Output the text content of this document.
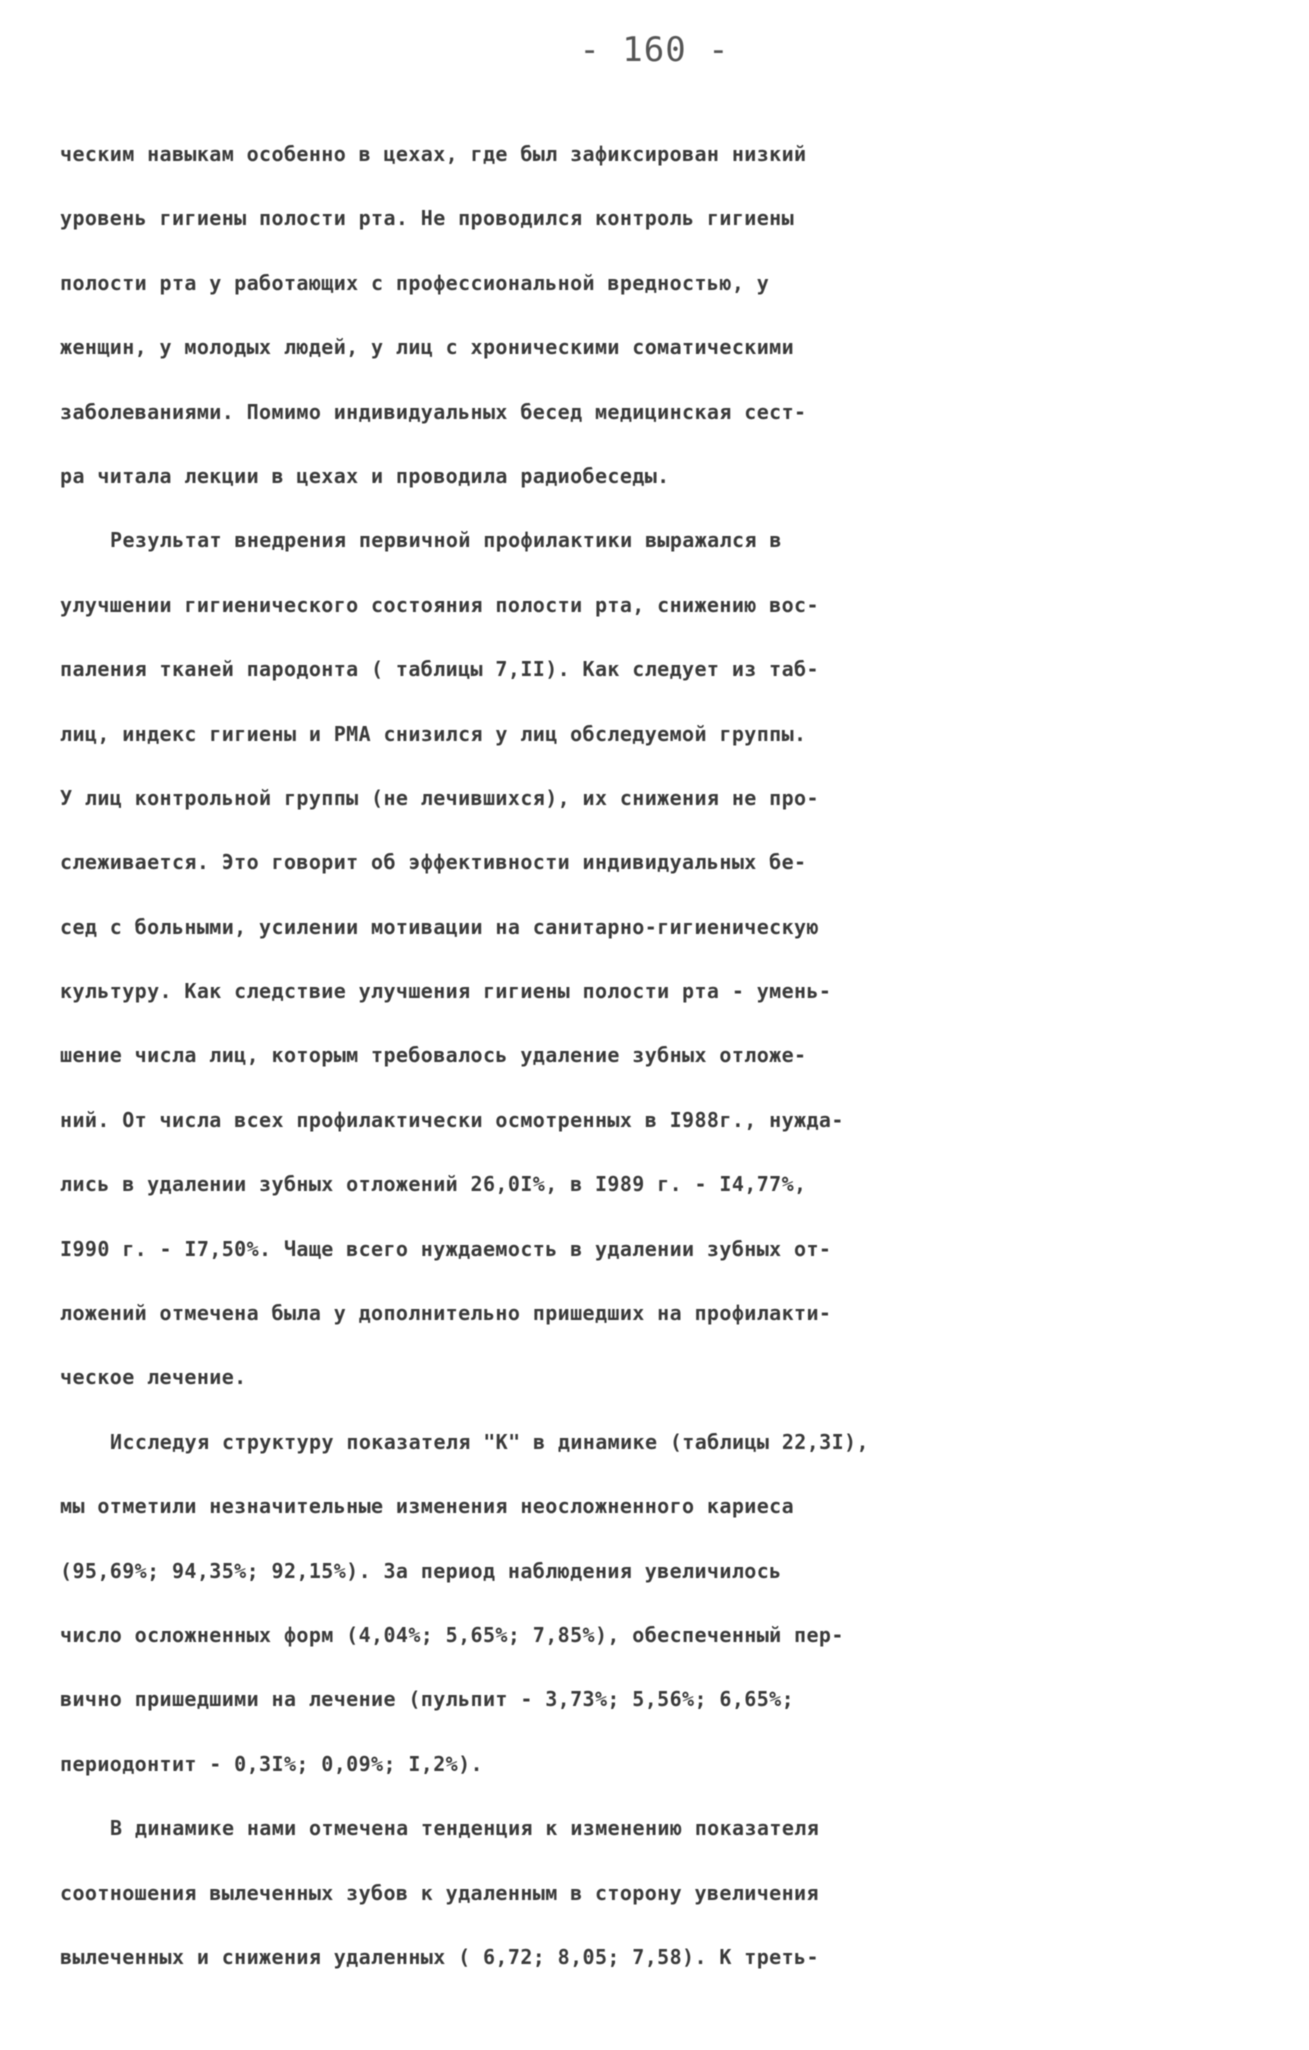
- 160 -
ческим навыкам особенно в цехах, где был зафиксирован низкий
уровень гигиены полости рта. Не проводился контроль гигиены
полости рта у работающих с профессиональной вредностью, у
женщин, у молодых людей, у лиц с хроническими соматическими
заболеваниями. Помимо индивидуальных бесед медицинская сест-
ра читала лекции в цехах и проводила радиобеседы.
Результат внедрения первичной профилактики выражался в
улучшении гигиенического состояния полости рта, снижению вос-
паления тканей пародонта ( таблицы 7,II). Как следует из таб-
лиц, индекс гигиены и РМА снизился у лиц обследуемой группы.
У лиц контрольной группы (не лечившихся), их снижения не про-
слеживается. Это говорит об эффективности индивидуальных бе-
сед с больными, усилении мотивации на санитарно-гигиеническую
культуру. Как следствие улучшения гигиены полости рта - умень-
шение числа лиц, которым требовалось удаление зубных отложе-
ний. От числа всех профилактически осмотренных в I988г., нужда-
лись в удалении зубных отложений 26,0I%, в I989 г. - I4,77%,
I990 г. - I7,50%. Чаще всего нуждаемость в удалении зубных от-
ложений отмечена была у дополнительно пришедших на профилакти-
ческое лечение.
Исследуя структуру показателя "К" в динамике (таблицы 22,3I),
мы отметили незначительные изменения неосложненного кариеса
(95,69%; 94,35%; 92,15%). За период наблюдения увеличилось
число осложненных форм (4,04%; 5,65%; 7,85%), обеспеченный пер-
вично пришедшими на лечение (пульпит - 3,73%; 5,56%; 6,65%;
периодонтит - 0,3I%; 0,09%; I,2%).
В динамике нами отмечена тенденция к изменению показателя
соотношения вылеченных зубов к удаленным в сторону увеличения
вылеченных и снижения удаленных ( 6,72; 8,05; 7,58). К треть-
